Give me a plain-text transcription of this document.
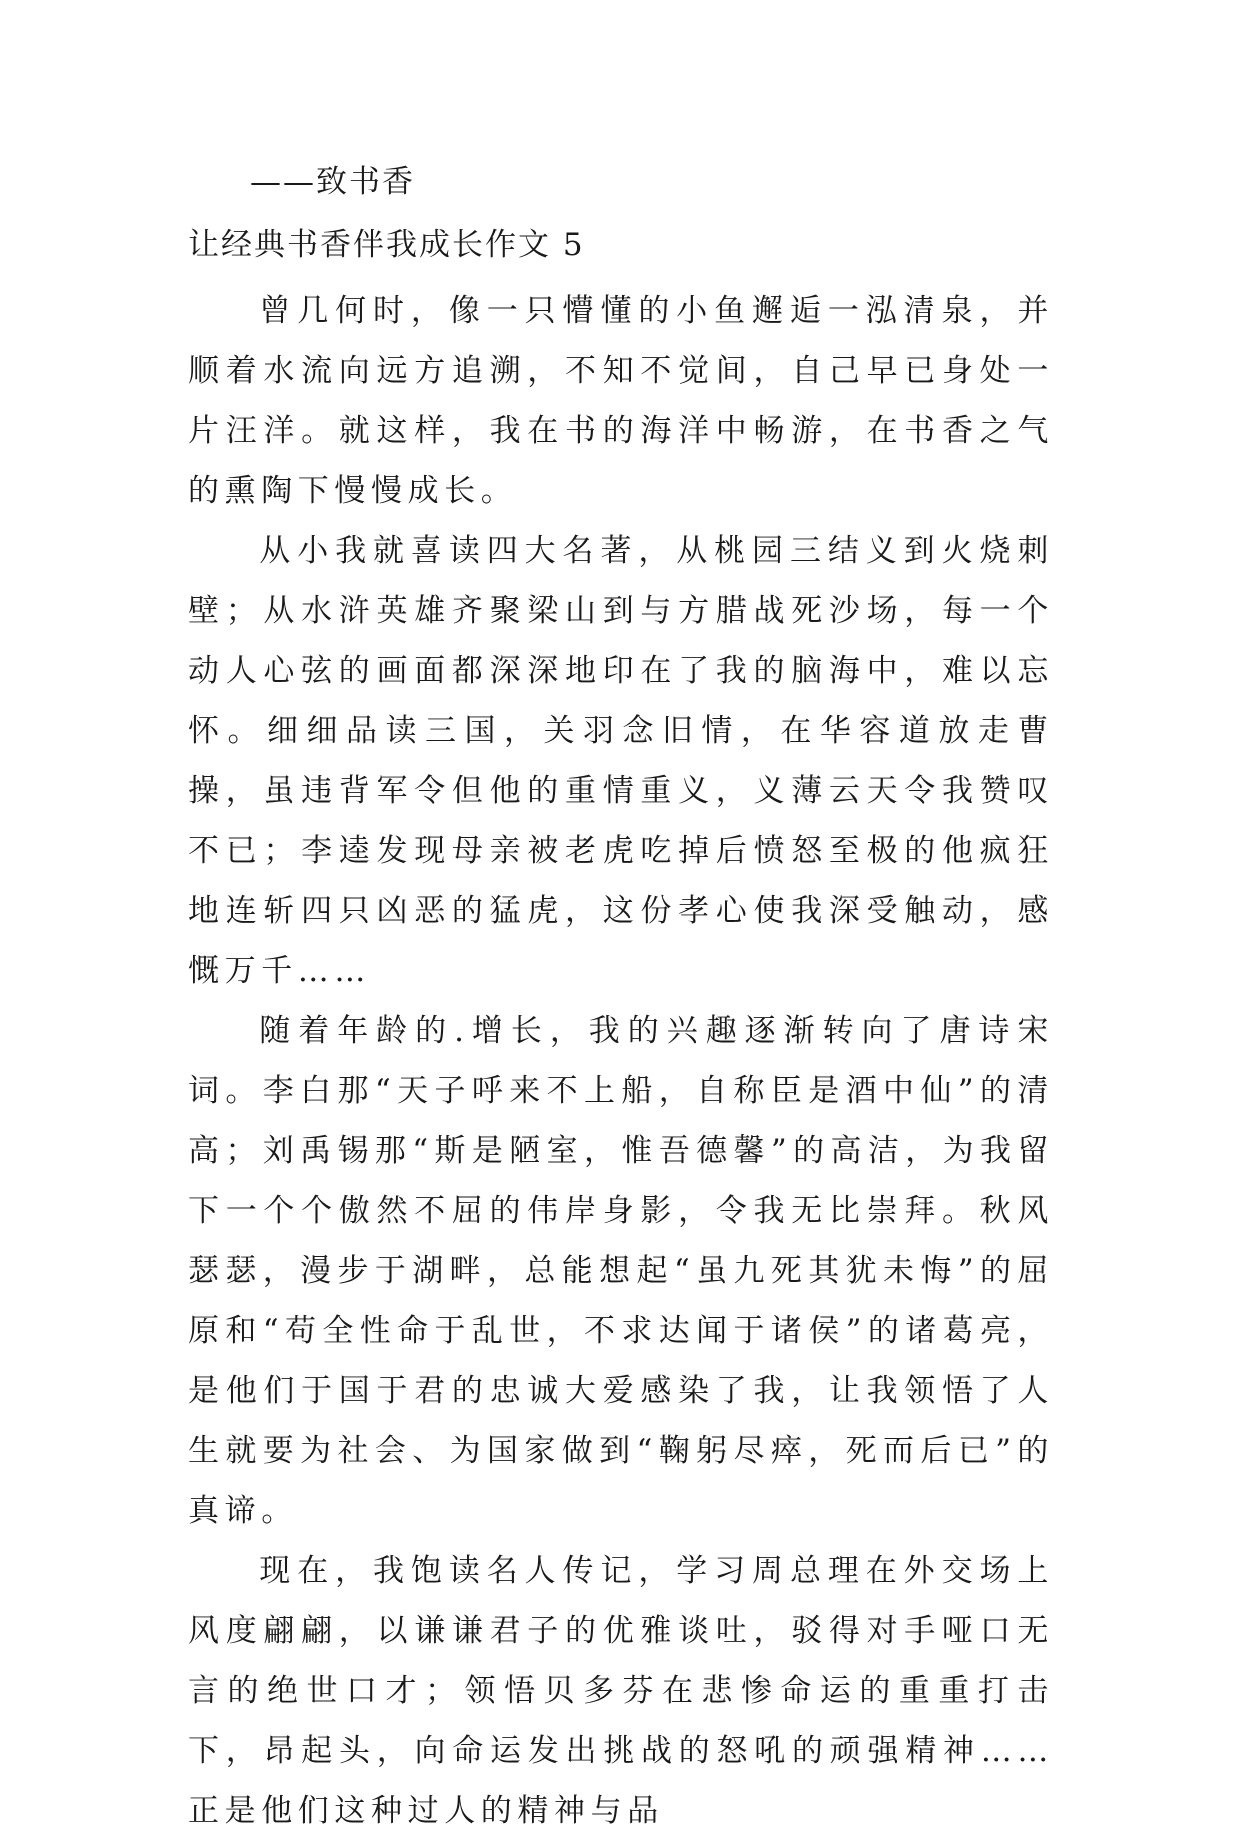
——致书香
让经典书香伴我成长作文 5

曾几何时，像一只懵懂的小鱼邂逅一泓清泉，并顺着水流向远方追溯，不知不觉间，自己早已身处一片汪洋。就这样，我在书的海洋中畅游，在书香之气的熏陶下慢慢成长。

从小我就喜读四大名著，从桃园三结义到火烧刺壁；从水浒英雄齐聚梁山到与方腊战死沙场，每一个动人心弦的画面都深深地印在了我的脑海中，难以忘怀。细细品读三国，关羽念旧情，在华容道放走曹操，虽违背军令但他的重情重义，义薄云天令我赞叹不已；李逵发现母亲被老虎吃掉后愤怒至极的他疯狂地连斩四只凶恶的猛虎，这份孝心使我深受触动，感慨万千……

随着年龄的.增长，我的兴趣逐渐转向了唐诗宋词。李白那“天子呼来不上船，自称臣是酒中仙”的清高；刘禹锡那“斯是陋室，惟吾德馨”的高洁，为我留下一个个傲然不屈的伟岸身影，令我无比崇拜。秋风瑟瑟，漫步于湖畔，总能想起“虽九死其犹未悔”的屈原和“苟全性命于乱世，不求达闻于诸侯”的诸葛亮，是他们于国于君的忠诚大爱感染了我，让我领悟了人生就要为社会、为国家做到“鞠躬尽瘁，死而后已”的真谛。

现在，我饱读名人传记，学习周总理在外交场上风度翩翩，以谦谦君子的优雅谈吐，驳得对手哑口无言的绝世口才；领悟贝多芬在悲惨命运的重重打击下，昂起头，向命运发出挑战的怒吼的顽强精神……正是他们这种过人的精神与品
